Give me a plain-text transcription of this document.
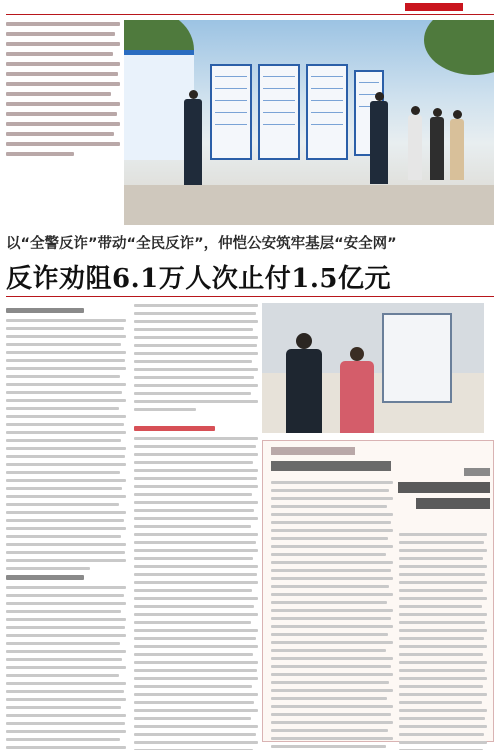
以“全警反诈”带动“全民反诈”，仲恺公安筑牢基层“安全网”
反诈劝阻6.1万人次止付1.5亿元
